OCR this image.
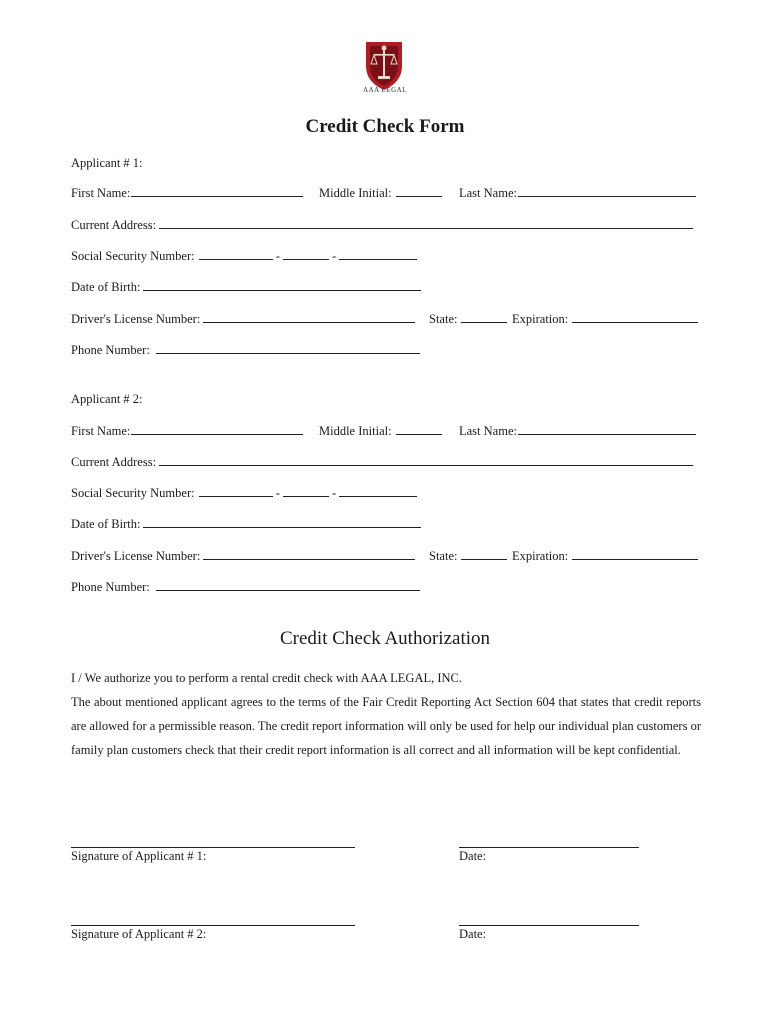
AAA LEGAL
Credit Check Form
Applicant # 1:
First Name:	Middle Initial:	Last Name:
Current Address:
Social Security Number:	-	-
Date of Birth:
Driver's License Number:	State:	Expiration:
Phone Number:
Applicant # 2:
First Name:	Middle Initial:	Last Name:
Current Address:
Social Security Number:	-	-
Date of Birth:
Driver's License Number:	State:	Expiration:
Phone Number:
Credit Check Authorization
I / We authorize you to perform a rental credit check with AAA LEGAL, INC.
The about mentioned applicant agrees to the terms of the Fair Credit Reporting Act Section 604 that states that credit reports are allowed for a permissible reason. The credit report information will only be used for help our individual plan customers or family plan customers check that their credit report information is all correct and all information will be kept confidential.
Signature of Applicant # 1:	Date:
Signature of Applicant # 2:	Date:
